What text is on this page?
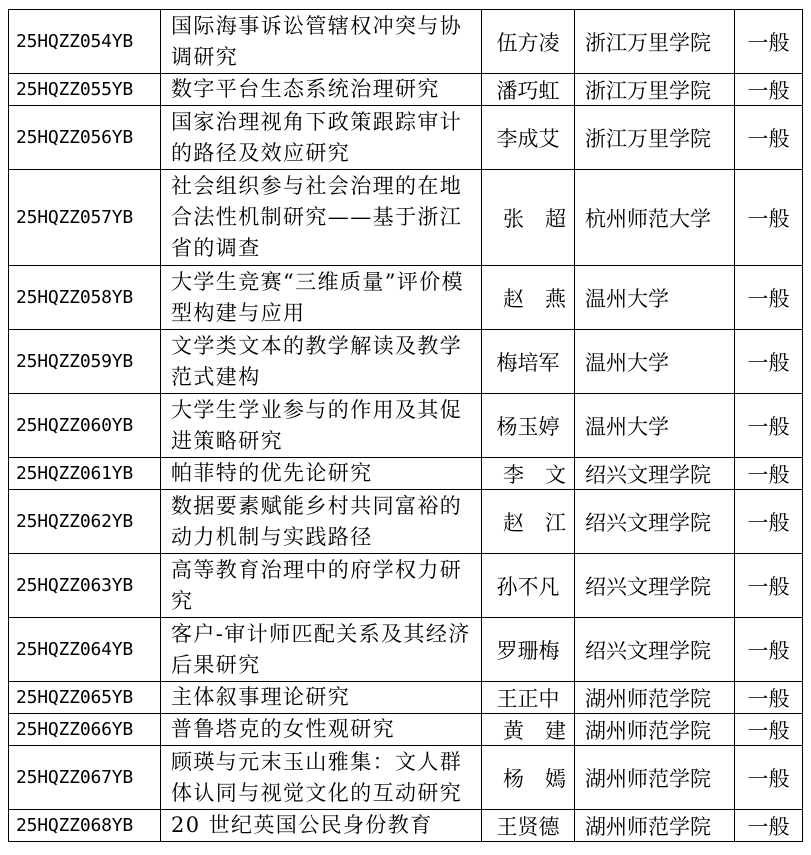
25HQZZ054YB	国际海事诉讼管辖权冲突与协调研究	伍方凌	浙江万里学院	一般
25HQZZ055YB	数字平台生态系统治理研究	潘巧虹	浙江万里学院	一般
25HQZZ056YB	国家治理视角下政策跟踪审计的路径及效应研究	李成艾	浙江万里学院	一般
25HQZZ057YB	社会组织参与社会治理的在地合法性机制研究——基于浙江省的调查	张超	杭州师范大学	一般
25HQZZ058YB	大学生竞赛“三维质量”评价模型构建与应用	赵燕	温州大学	一般
25HQZZ059YB	文学类文本的教学解读及教学范式建构	梅培军	温州大学	一般
25HQZZ060YB	大学生学业参与的作用及其促进策略研究	杨玉婷	温州大学	一般
25HQZZ061YB	帕菲特的优先论研究	李文	绍兴文理学院	一般
25HQZZ062YB	数据要素赋能乡村共同富裕的动力机制与实践路径	赵江	绍兴文理学院	一般
25HQZZ063YB	高等教育治理中的府学权力研究	孙不凡	绍兴文理学院	一般
25HQZZ064YB	客户-审计师匹配关系及其经济后果研究	罗珊梅	绍兴文理学院	一般
25HQZZ065YB	主体叙事理论研究	王正中	湖州师范学院	一般
25HQZZ066YB	普鲁塔克的女性观研究	黄建	湖州师范学院	一般
25HQZZ067YB	顾瑛与元末玉山雅集：文人群体认同与视觉文化的互动研究	杨嫣	湖州师范学院	一般
25HQZZ068YB	20 世纪英国公民身份教育	王贤德	湖州师范学院	一般
